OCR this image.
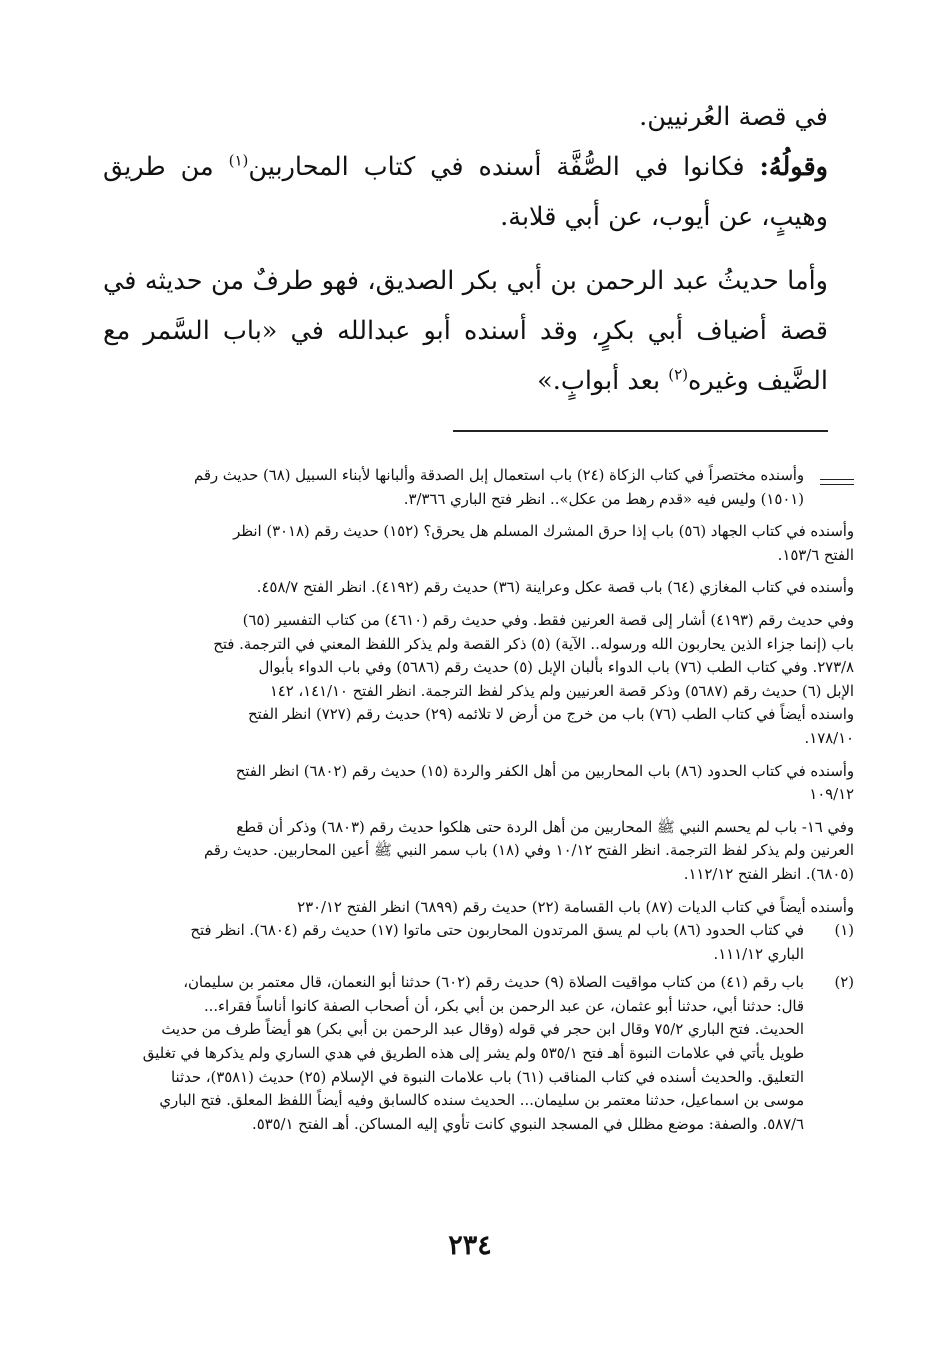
في قصة العُرنيين.

وقولُهُ: فكانوا في الصُّفَّة أسنده في كتاب المحاربين$^{(١)}$ من طريق وهيبٍ، عن أيوب، عن أبي قلابة.

وأما حديثُ عبد الرحمن بن أبي بكر الصديق، فهو طرفٌ من حديثه في قصة أضياف أبي بكرٍ، وقد أسنده أبو عبدالله في «باب السَّمر مع الضَّيف وغيره$^{(٢)}$ بعد أبوابٍ.»

وأسنده مختصراً في كتاب الزكاة (٢٤) باب استعمال إبل الصدقة وألبانها لأبناء السبيل (٦٨) حديث رقم
(١٥٠١) وليس فيه «قدم رهط من عكل».. انظر فتح الباري ٣/٣٦٦.
وأسنده في كتاب الجهاد (٥٦) باب إذا حرق المشرك المسلم هل يحرق؟ (١٥٢) حديث رقم (٣٠١٨) انظر
الفتح ١٥٣/٦.
وأسنده في كتاب المغازي (٦٤) باب قصة عكل وعراينة (٣٦) حديث رقم (٤١٩٢). انظر الفتح ٤٥٨/٧.
وفي حديث رقم (٤١٩٣) أشار إلى قصة العرنين فقط. وفي حديث رقم (٤٦١٠) من كتاب التفسير (٦٥)
باب (إنما جزاء الذين يحاربون الله ورسوله.. الآية) (٥) ذكر القصة ولم يذكر اللفظ المعني في الترجمة. فتح
٢٧٣/٨. وفي كتاب الطب (٧٦) باب الدواء بألبان الإبل (٥) حديث رقم (٥٦٨٦) وفي باب الدواء بأبوال
الإبل (٦) حديث رقم (٥٦٨٧) وذكر قصة العرنيين ولم يذكر لفظ الترجمة. انظر الفتح ١٤١/١٠، ١٤٢
واسنده أيضاً في كتاب الطب (٧٦) باب من خرج من أرض لا تلائمه (٢٩) حديث رقم (٧٢٧) انظر الفتح
١٧٨/١٠.
وأسنده في كتاب الحدود (٨٦) باب المحاربين من أهل الكفر والردة (١٥) حديث رقم (٦٨٠٢) انظر الفتح
١٠٩/١٢
وفي ١٦- باب لم يحسم النبي ﷺ المحاربين من أهل الردة حتى هلكوا حديث رقم (٦٨٠٣) وذكر أن قطع
العرنين ولم يذكر لفظ الترجمة. انظر الفتح ١٠/١٢ وفي (١٨) باب سمر النبي ﷺ أعين المحاربين. حديث رقم
(٦٨٠٥). انظر الفتح ١١٢/١٢.
وأسنده أيضاً في كتاب الديات (٨٧) باب القسامة (٢٢) حديث رقم (٦٨٩٩) انظر الفتح ٢٣٠/١٢
(١)
في كتاب الحدود (٨٦) باب لم يسق المرتدون المحاربون حتى ماتوا (١٧) حديث رقم (٦٨٠٤). انظر فتح
الباري ١١١/١٢.
(٢)
باب رقم (٤١) من كتاب مواقيت الصلاة (٩) حديث رقم (٦٠٢) حدثنا أبو النعمان، قال معتمر بن سليمان،
قال: حدثنا أبي، حدثنا أبو عثمان، عن عبد الرحمن بن أبي بكر، أن أصحاب الصفة كانوا أناساً فقراء...
الحديث. فتح الباري ٧٥/٢ وقال ابن حجر في قوله (وقال عبد الرحمن بن أبي بكر) هو أيضاً طرف من حديث
طويل يأتي في علامات النبوة أهـ فتح ٥٣٥/١ ولم يشر إلى هذه الطريق في هدي الساري ولم يذكرها في تغليق
التعليق. والحديث أسنده في كتاب المناقب (٦١) باب علامات النبوة في الإسلام (٢٥) حديث (٣٥٨١)، حدثنا
موسى بن اسماعيل، حدثنا معتمر بن سليمان... الحديث سنده كالسابق وفيه أيضاً اللفظ المعلق. فتح الباري
٥٨٧/٦. والصفة: موضع مظلل في المسجد النبوي كانت تأوي إليه المساكن. أهـ الفتح ٥٣٥/١.
٢٣٤
